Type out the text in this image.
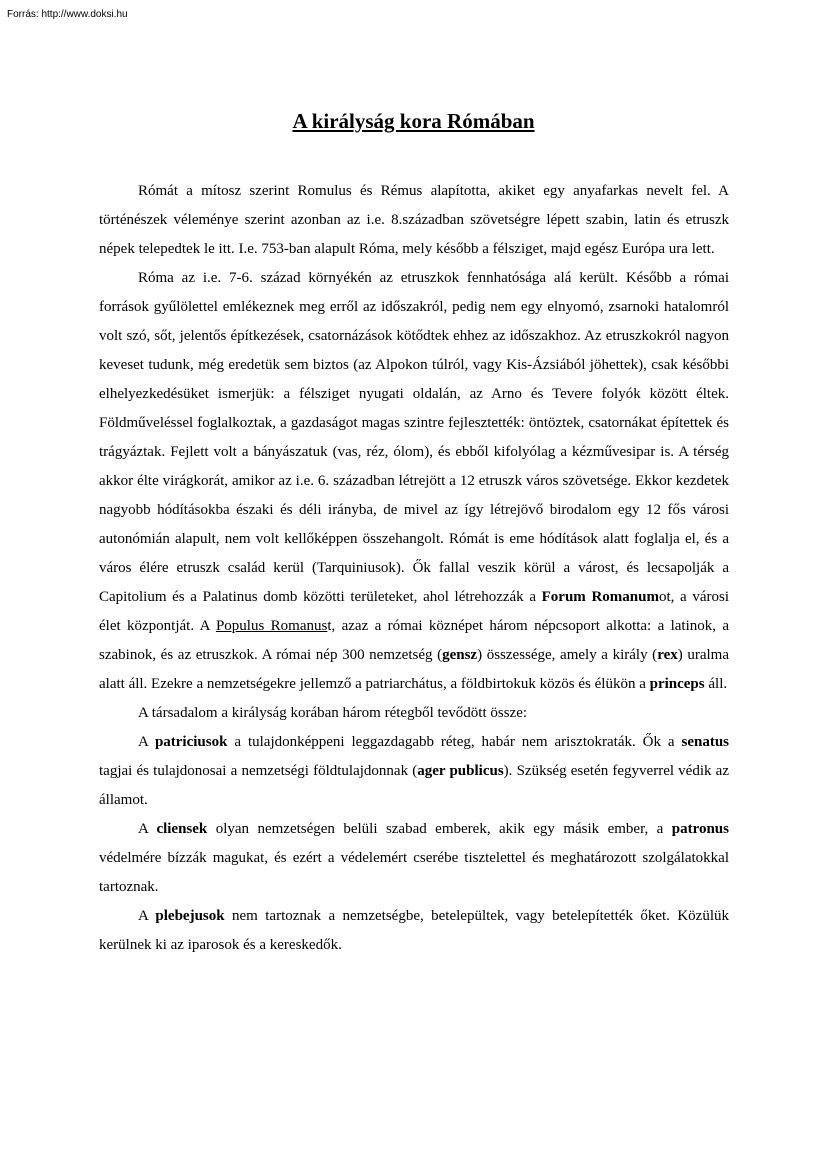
Forrás: http://www.doksi.hu
A királyság kora Rómában

Rómát a mítosz szerint Romulus és Rémus alapította, akiket egy anyafarkas nevelt fel. A történészek véleménye szerint azonban az i.e. 8.században szövetségre lépett szabin, latin és etruszk népek telepedtek le itt. I.e. 753-ban alapult Róma, mely később a félsziget, majd egész Európa ura lett.

Róma az i.e. 7-6. század környékén az etruszkok fennhatósága alá került. Később a római források gyűlölettel emlékeznek meg erről az időszakról, pedig nem egy elnyomó, zsarnoki hatalomról volt szó, sőt, jelentős építkezések, csatornázások kötődtek ehhez az időszakhoz. Az etruszkokról nagyon keveset tudunk, még eredetük sem biztos (az Alpokon túlról, vagy Kis-Ázsiából jöhettek), csak későbbi elhelyezkedésüket ismerjük: a félsziget nyugati oldalán, az Arno és Tevere folyók között éltek. Földműveléssel foglalkoztak, a gazdaságot magas szintre fejlesztették: öntöztek, csatornákat építettek és trágyáztak. Fejlett volt a bányászatuk (vas, réz, ólom), és ebből kifolyólag a kézművesipar is. A térség akkor élte virágkorát, amikor az i.e. 6. században létrejött a 12 etruszk város szövetsége. Ekkor kezdetek nagyobb hódításokba északi és déli irányba, de mivel az így létrejövő birodalom egy 12 fős városi autonómián alapult, nem volt kellőképpen összehangolt. Rómát is eme hódítások alatt foglalja el, és a város élére etruszk család kerül (Tarquiniusok). Ők fallal veszik körül a várost, és lecsapolják a Capitolium és a Palatinus domb közötti területeket, ahol létrehozzák a Forum Romanumot, a városi élet központját. A Populus Romanust, azaz a római köznépet három népcsoport alkotta: a latinok, a szabinok, és az etruszkok. A római nép 300 nemzetség (gensz) összessége, amely a király (rex) uralma alatt áll. Ezekre a nemzetségekre jellemző a patriarchátus, a földbirtokuk közös és élükön a princeps áll.

A társadalom a királyság korában három rétegből tevődött össze:

A patriciusok a tulajdonképpeni leggazdagabb réteg, habár nem arisztokraták. Ők a senatus tagjai és tulajdonosai a nemzetségi földtulajdonnak (ager publicus). Szükség esetén fegyverrel védik az államot.

A cliensek olyan nemzetségen belüli szabad emberek, akik egy másik ember, a patronus védelmére bízzák magukat, és ezért a védelemért cserébe tisztelettel és meghatározott szolgálatokkal tartoznak.

A plebejusok nem tartoznak a nemzetségbe, betelepültek, vagy betelepítették őket. Közülük kerülnek ki az iparosok és a kereskedők.
